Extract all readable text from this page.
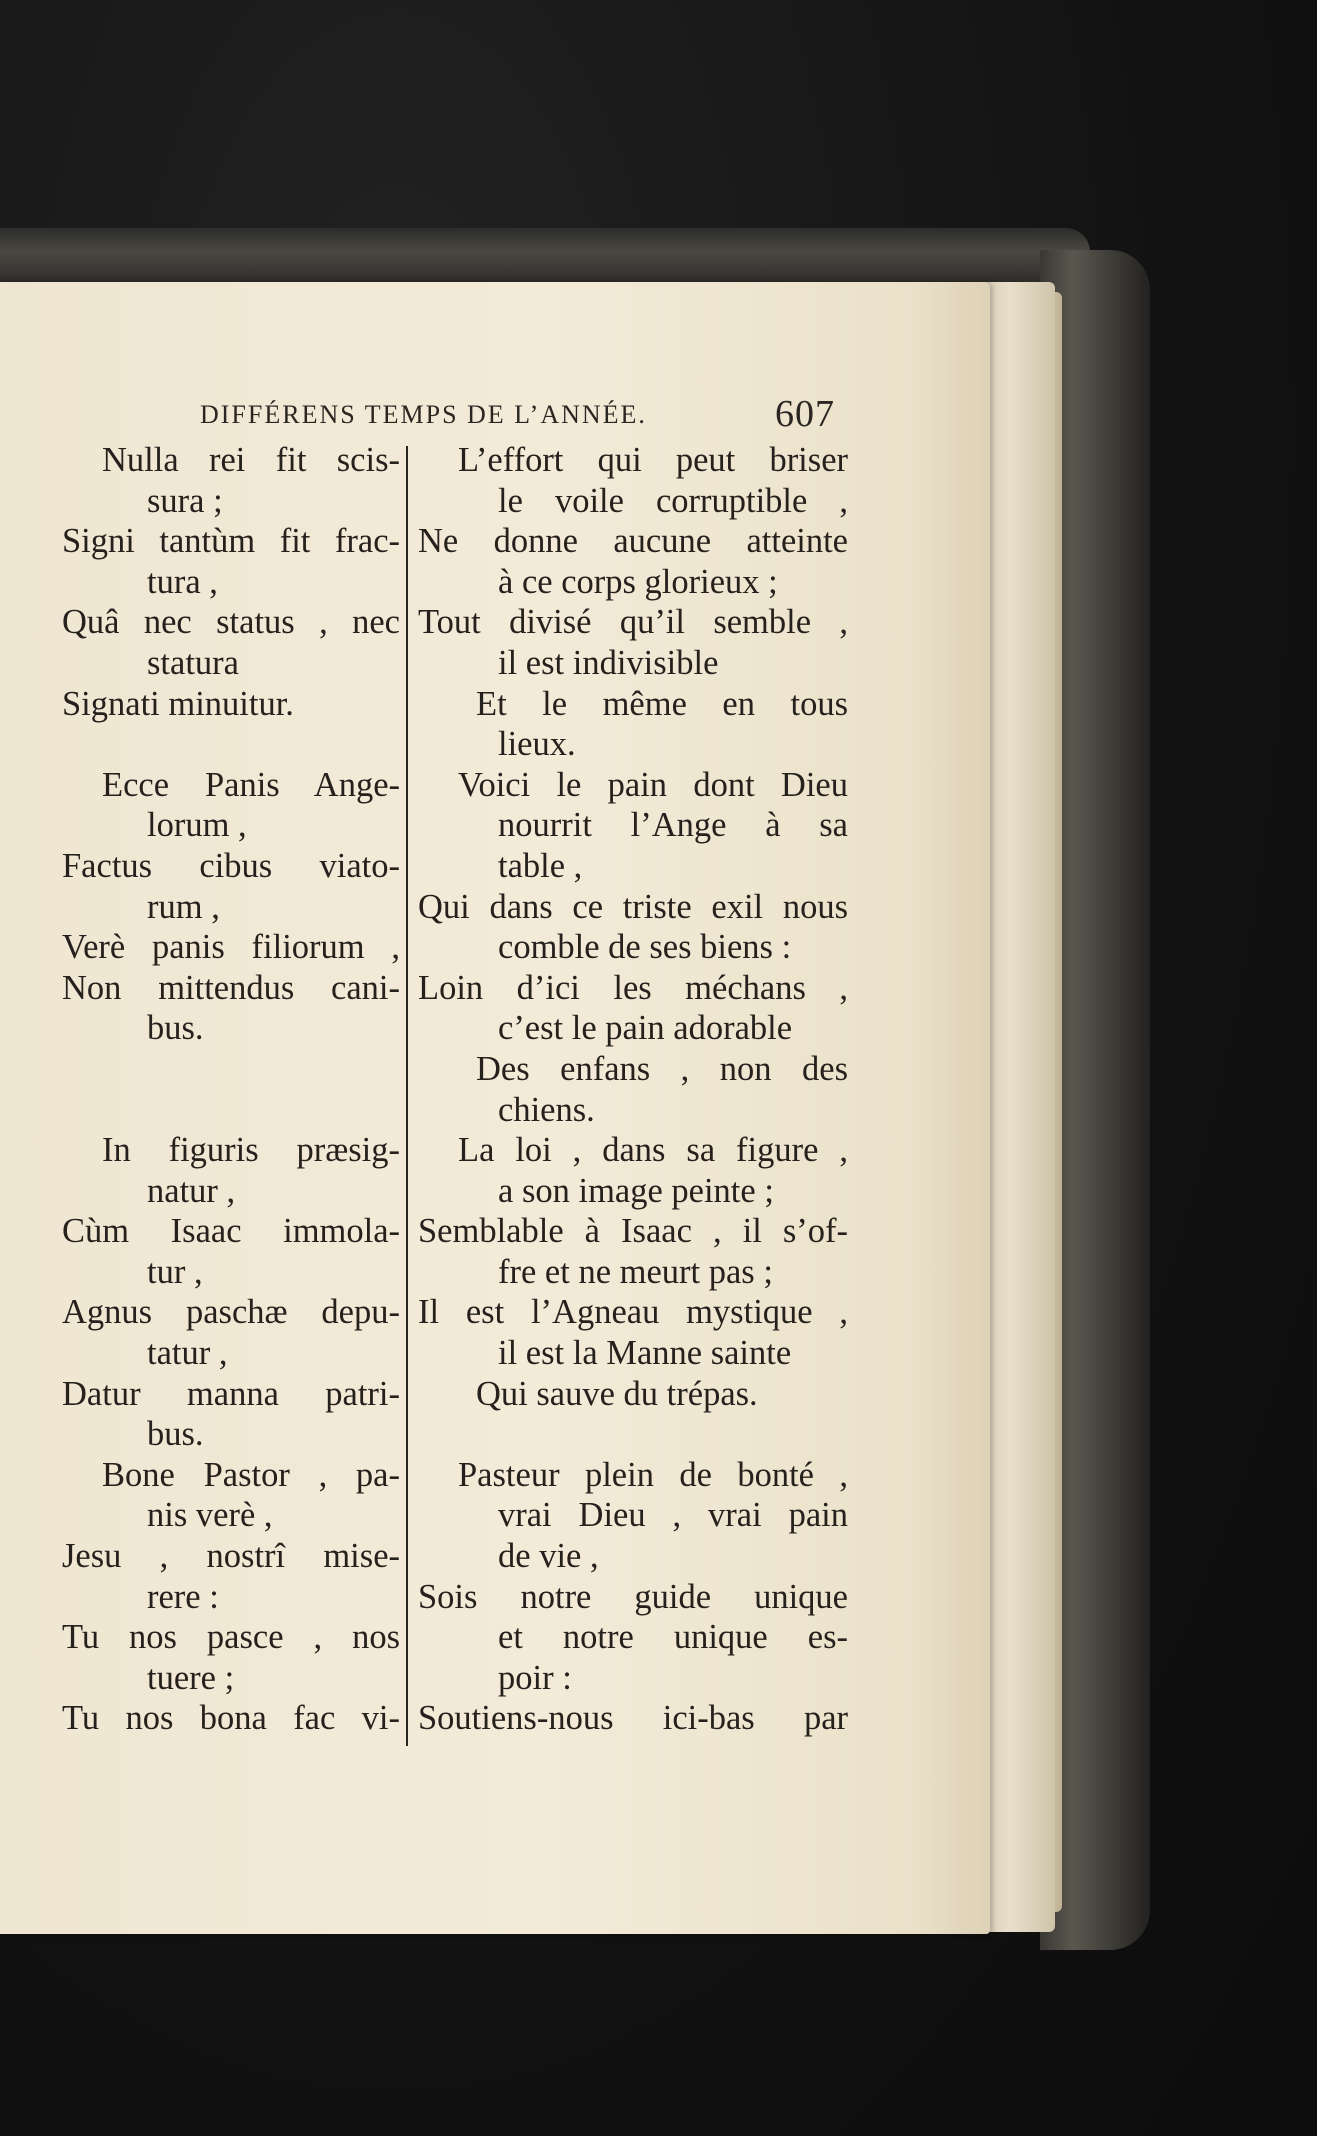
DIFFÉRENS TEMPS DE L’ANNÉE.	607
Nulla rei fit scis-
sura ;
Signi tantùm fit frac-
tura ,
Quâ nec status , nec
statura
Signati minuitur.
Ecce Panis Ange-
lorum ,
Factus cibus viato-
rum ,
Verè panis filiorum ,
Non mittendus cani-
bus.
In figuris præsig-
natur ,
Cùm Isaac immola-
tur ,
Agnus paschæ depu-
tatur ,
Datur manna patri-
bus.
Bone Pastor , pa-
nis verè ,
Jesu , nostrî mise-
rere :
Tu nos pasce , nos
tuere ;
Tu nos bona fac vi-
L’effort qui peut briser
le voile corruptible ,
Ne donne aucune atteinte
à ce corps glorieux ;
Tout divisé qu’il semble ,
il est indivisible
Et le même en tous
lieux.
Voici le pain dont Dieu
nourrit l’Ange à sa
table ,
Qui dans ce triste exil nous
comble de ses biens :
Loin d’ici les méchans ,
c’est le pain adorable
Des enfans , non des
chiens.
La loi , dans sa figure ,
a son image peinte ;
Semblable à Isaac , il s’of-
fre et ne meurt pas ;
Il est l’Agneau mystique ,
il est la Manne sainte
Qui sauve du trépas.
Pasteur plein de bonté ,
vrai Dieu , vrai pain
de vie ,
Sois notre guide unique
et notre unique es-
poir :
Soutiens-nous ici-bas par
